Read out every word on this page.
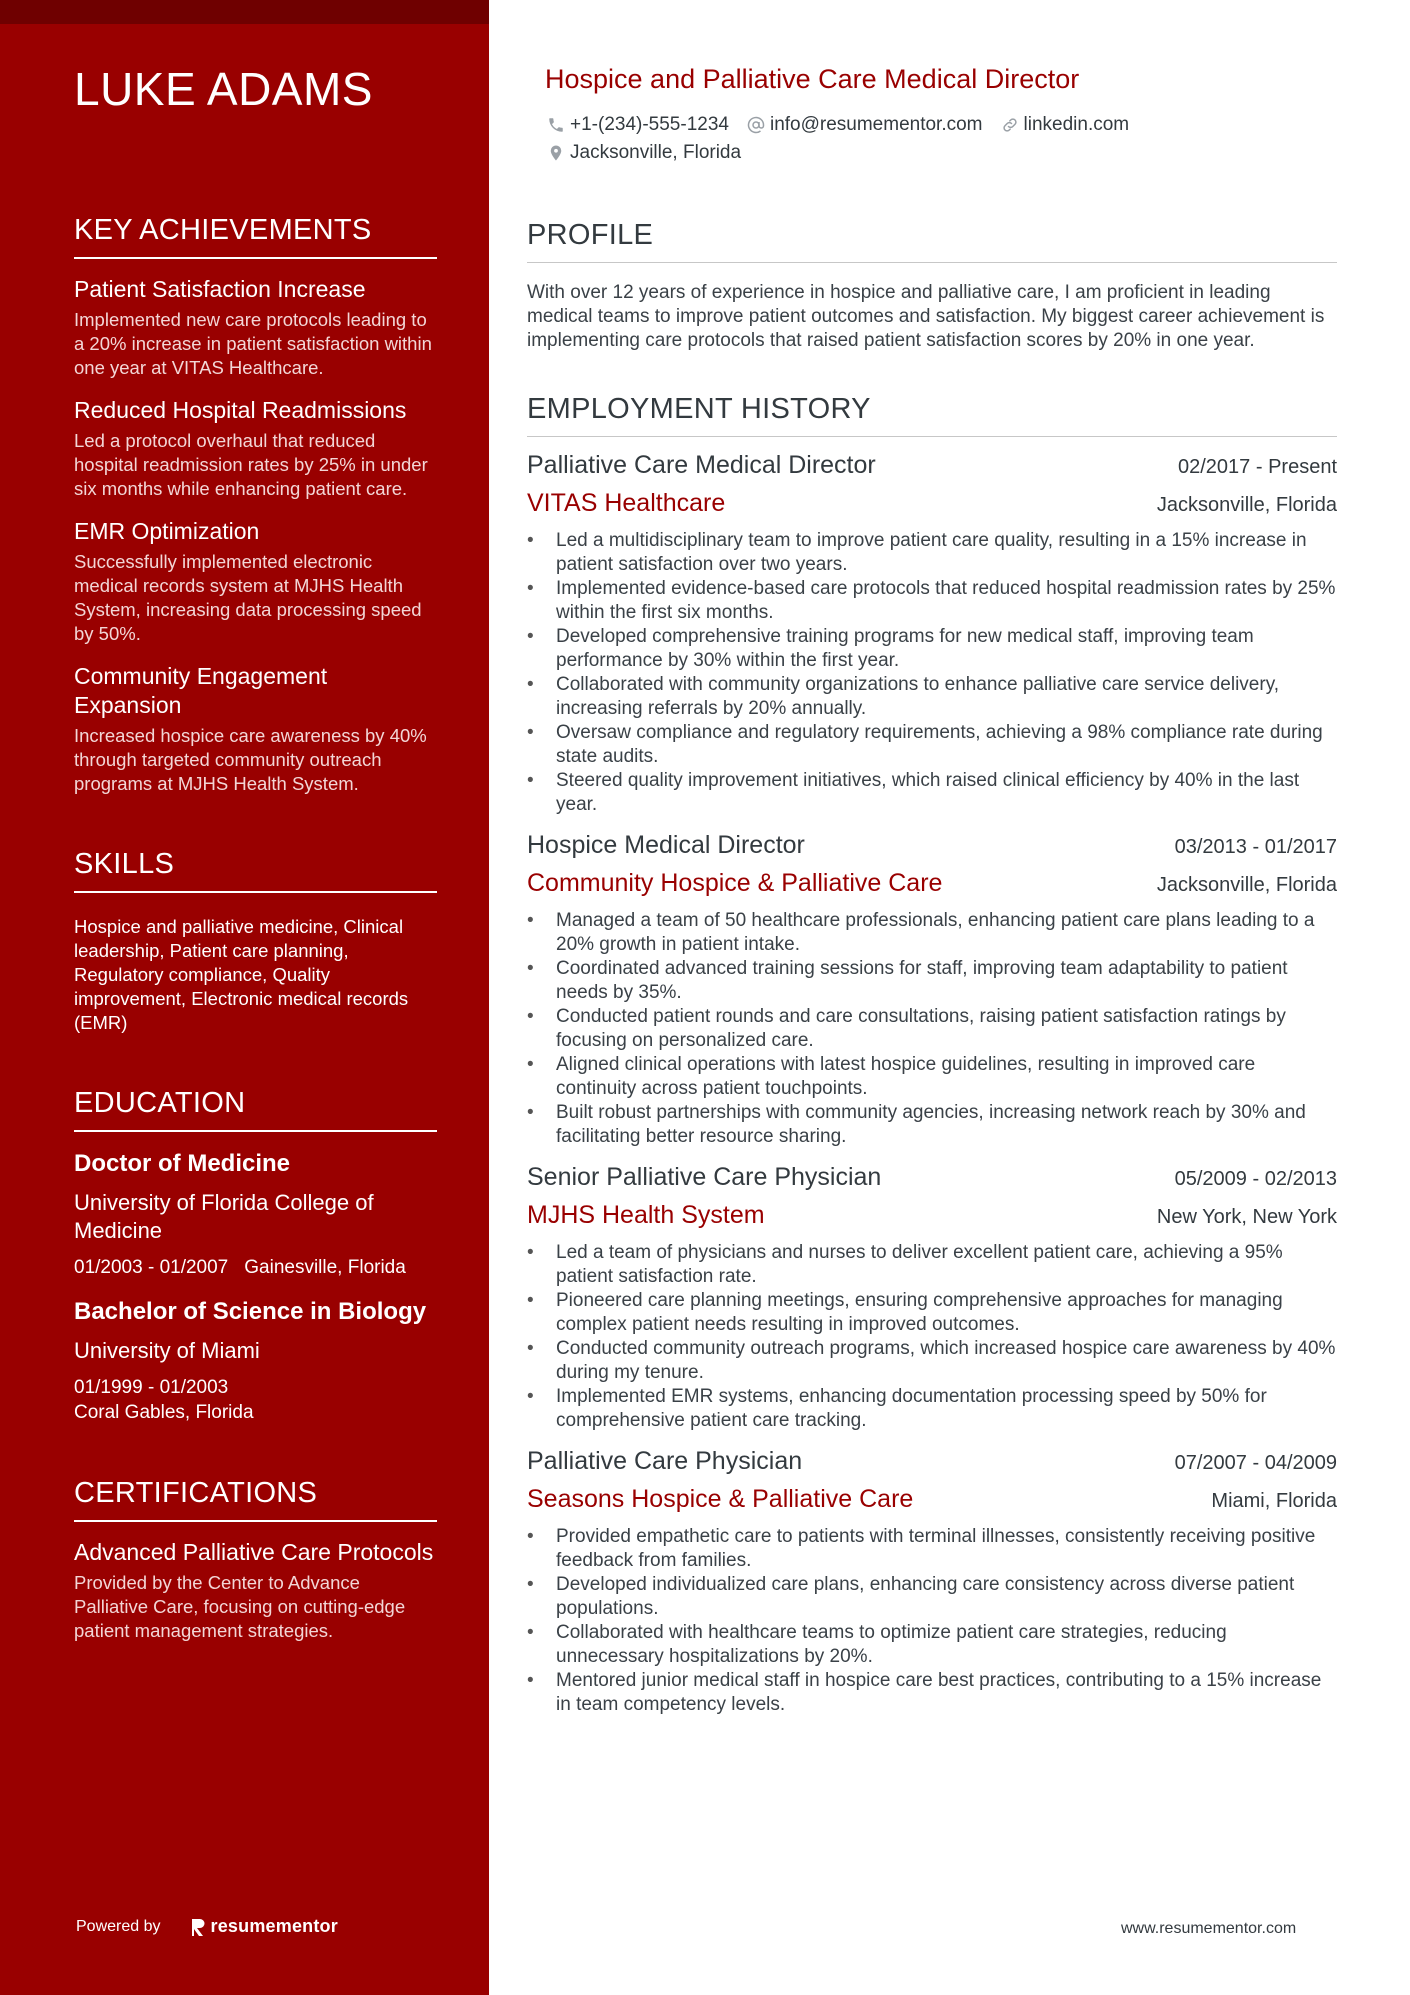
LUKE ADAMS
KEY ACHIEVEMENTS
Patient Satisfaction Increase
Implemented new care protocols leading to a 20% increase in patient satisfaction within one year at VITAS Healthcare.
Reduced Hospital Readmissions
Led a protocol overhaul that reduced hospital readmission rates by 25% in under six months while enhancing patient care.
EMR Optimization
Successfully implemented electronic medical records system at MJHS Health System, increasing data processing speed by 50%.
Community Engagement Expansion
Increased hospice care awareness by 40% through targeted community outreach programs at MJHS Health System.
SKILLS
Hospice and palliative medicine, Clinical leadership, Patient care planning, Regulatory compliance, Quality improvement, Electronic medical records (EMR)
EDUCATION
Doctor of Medicine
University of Florida College of Medicine
01/2003 - 01/2007 Gainesville, Florida
Bachelor of Science in Biology
University of Miami
01/1999 - 01/2003
Coral Gables, Florida
CERTIFICATIONS
Advanced Palliative Care Protocols
Provided by the Center to Advance Palliative Care, focusing on cutting-edge patient management strategies.
Powered by	resumementor
Hospice and Palliative Care Medical Director
+1-(234)-555-1234 info@resumementor.com linkedin.com
Jacksonville, Florida
PROFILE

With over 12 years of experience in hospice and palliative care, I am proficient in leading medical teams to improve patient outcomes and satisfaction. My biggest career achievement is implementing care protocols that raised patient satisfaction scores by 20% in one year.

EMPLOYMENT HISTORY
Palliative Care Medical Director	02/2017 - Present
VITAS Healthcare	Jacksonville, Florida
• Led a multidisciplinary team to improve patient care quality, resulting in a 15% increase in patient satisfaction over two years.
• Implemented evidence-based care protocols that reduced hospital readmission rates by 25% within the first six months.
• Developed comprehensive training programs for new medical staff, improving team performance by 30% within the first year.
• Collaborated with community organizations to enhance palliative care service delivery, increasing referrals by 20% annually.
• Oversaw compliance and regulatory requirements, achieving a 98% compliance rate during state audits.
• Steered quality improvement initiatives, which raised clinical efficiency by 40% in the last year.
Hospice Medical Director	03/2013 - 01/2017
Community Hospice & Palliative Care	Jacksonville, Florida
• Managed a team of 50 healthcare professionals, enhancing patient care plans leading to a 20% growth in patient intake.
• Coordinated advanced training sessions for staff, improving team adaptability to patient needs by 35%.
• Conducted patient rounds and care consultations, raising patient satisfaction ratings by focusing on personalized care.
• Aligned clinical operations with latest hospice guidelines, resulting in improved care continuity across patient touchpoints.
• Built robust partnerships with community agencies, increasing network reach by 30% and facilitating better resource sharing.
Senior Palliative Care Physician	05/2009 - 02/2013
MJHS Health System	New York, New York
• Led a team of physicians and nurses to deliver excellent patient care, achieving a 95% patient satisfaction rate.
• Pioneered care planning meetings, ensuring comprehensive approaches for managing complex patient needs resulting in improved outcomes.
• Conducted community outreach programs, which increased hospice care awareness by 40% during my tenure.
• Implemented EMR systems, enhancing documentation processing speed by 50% for comprehensive patient care tracking.
Palliative Care Physician	07/2007 - 04/2009
Seasons Hospice & Palliative Care	Miami, Florida
• Provided empathetic care to patients with terminal illnesses, consistently receiving positive feedback from families.
• Developed individualized care plans, enhancing care consistency across diverse patient populations.
• Collaborated with healthcare teams to optimize patient care strategies, reducing unnecessary hospitalizations by 20%.
• Mentored junior medical staff in hospice care best practices, contributing to a 15% increase in team competency levels.
www.resumementor.com
